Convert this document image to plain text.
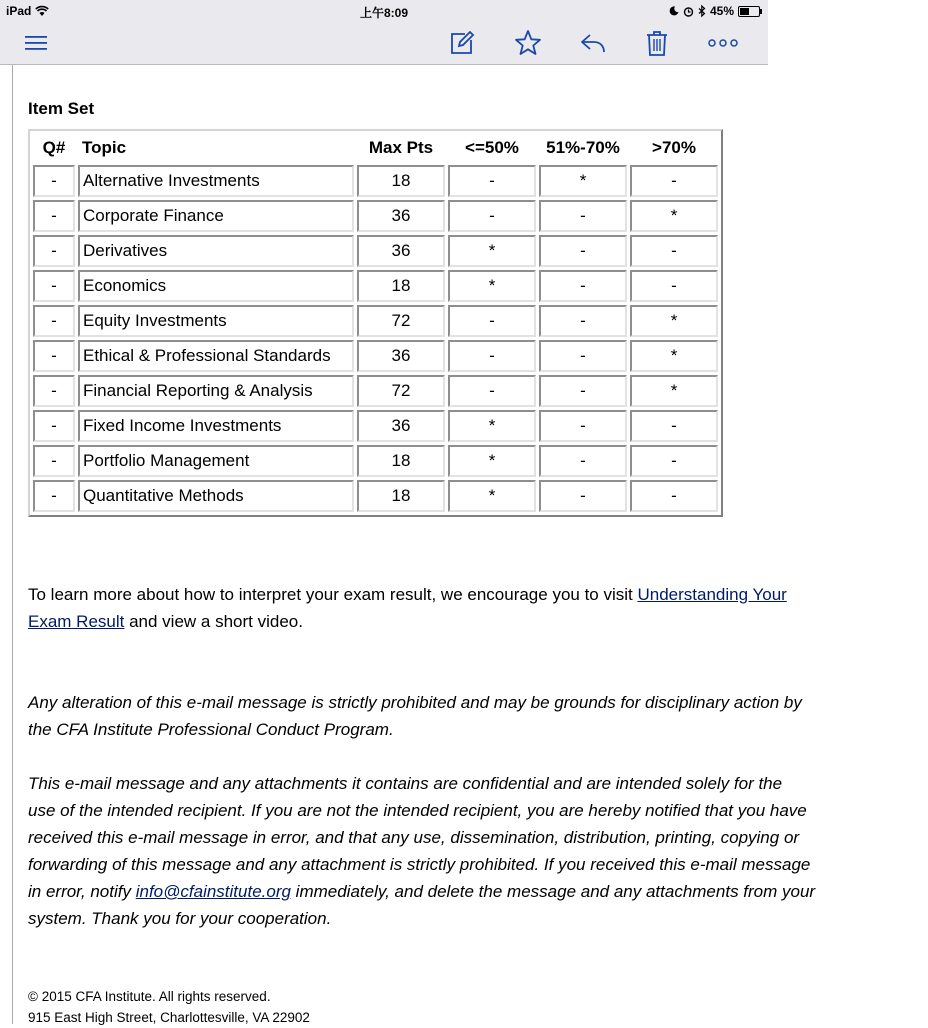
iPad	上午8:09	45%
Item Set
Q#	Topic	Max Pts	<=50%	51%-70%	>70%
-	Alternative Investments	18	-	*	-
-	Corporate Finance	36	-	-	*
-	Derivatives	36	*	-	-
-	Economics	18	*	-	-
-	Equity Investments	72	-	-	*
-	Ethical & Professional Standards	36	-	-	*
-	Financial Reporting & Analysis	72	-	-	*
-	Fixed Income Investments	36	*	-	-
-	Portfolio Management	18	*	-	-
-	Quantitative Methods	18	*	-	-
To learn more about how to interpret your exam result, we encourage you to visit Understanding Your
Exam Result and view a short video.
Any alteration of this e-mail message is strictly prohibited and may be grounds for disciplinary action by
the CFA Institute Professional Conduct Program.
This e-mail message and any attachments it contains are confidential and are intended solely for the
use of the intended recipient. If you are not the intended recipient, you are hereby notified that you have
received this e-mail message in error, and that any use, dissemination, distribution, printing, copying or
forwarding of this message and any attachment is strictly prohibited. If you received this e-mail message
in error, notify info@cfainstitute.org immediately, and delete the message and any attachments from your
system. Thank you for your cooperation.
© 2015 CFA Institute. All rights reserved.
915 East High Street, Charlottesville, VA 22902
